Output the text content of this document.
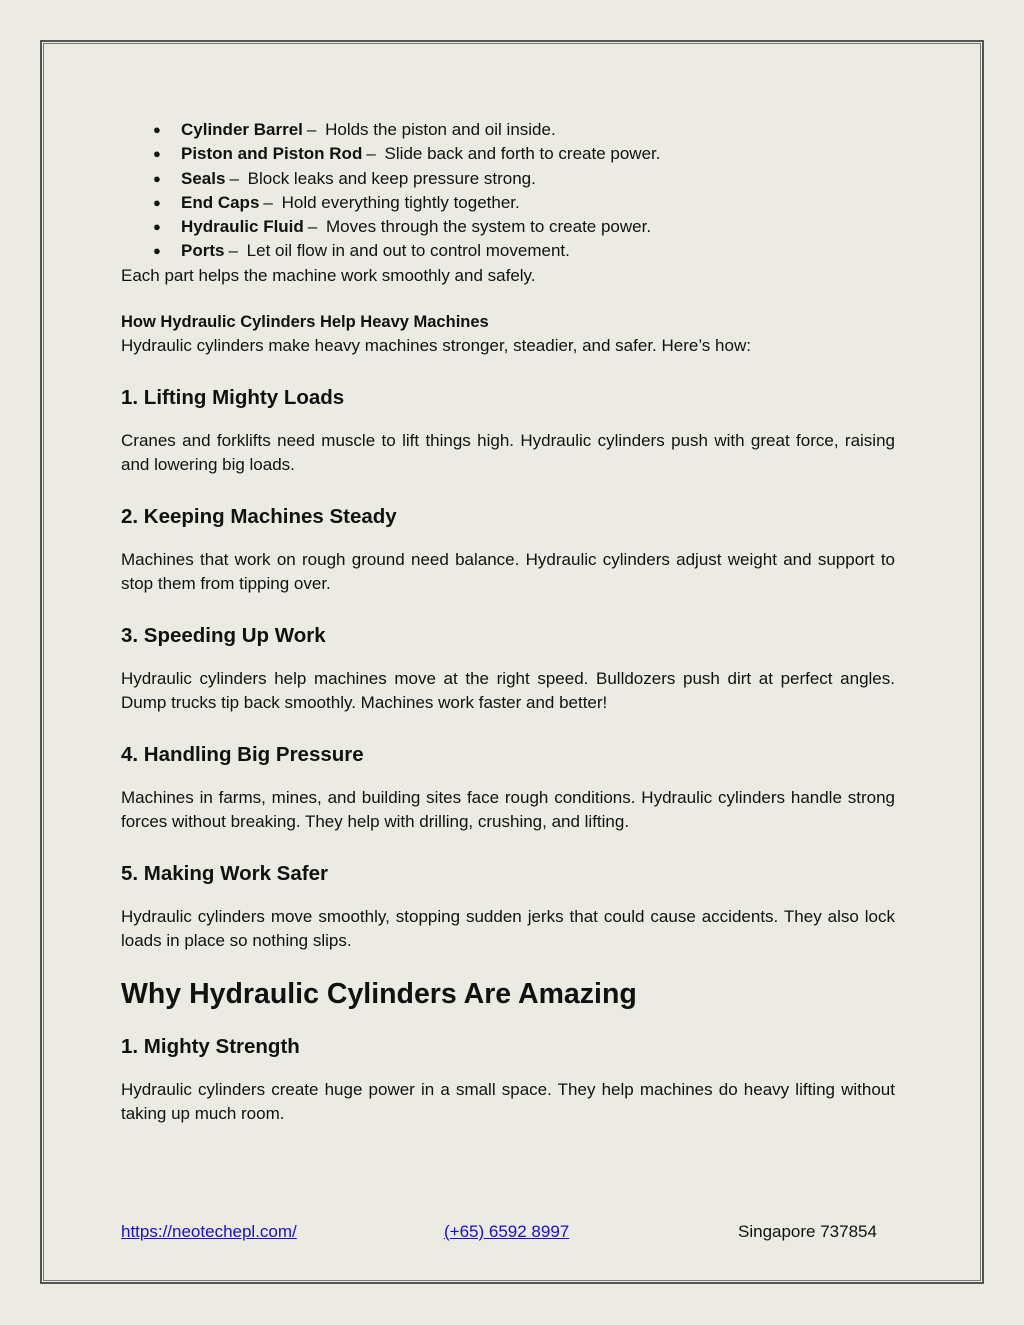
● Cylinder Barrel – Holds the piston and oil inside.
● Piston and Piston Rod – Slide back and forth to create power.
● Seals – Block leaks and keep pressure strong.
● End Caps – Hold everything tightly together.
● Hydraulic Fluid – Moves through the system to create power.
● Ports – Let oil flow in and out to control movement.

Each part helps the machine work smoothly and safely.

How Hydraulic Cylinders Help Heavy Machines

Hydraulic cylinders make heavy machines stronger, steadier, and safer. Here’s how:

1. Lifting Mighty Loads

Cranes and forklifts need muscle to lift things high. Hydraulic cylinders push with great force, raising and lowering big loads.

2. Keeping Machines Steady

Machines that work on rough ground need balance. Hydraulic cylinders adjust weight and support to stop them from tipping over.

3. Speeding Up Work

Hydraulic cylinders help machines move at the right speed. Bulldozers push dirt at perfect angles. Dump trucks tip back smoothly. Machines work faster and better!

4. Handling Big Pressure

Machines in farms, mines, and building sites face rough conditions. Hydraulic cylinders handle strong forces without breaking. They help with drilling, crushing, and lifting.

5. Making Work Safer

Hydraulic cylinders move smoothly, stopping sudden jerks that could cause accidents. They also lock loads in place so nothing slips.

Why Hydraulic Cylinders Are Amazing
1. Mighty Strength

Hydraulic cylinders create huge power in a small space. They help machines do heavy lifting without taking up much room.

https://neotechepl.com/	(+65) 6592 8997	Singapore 737854
